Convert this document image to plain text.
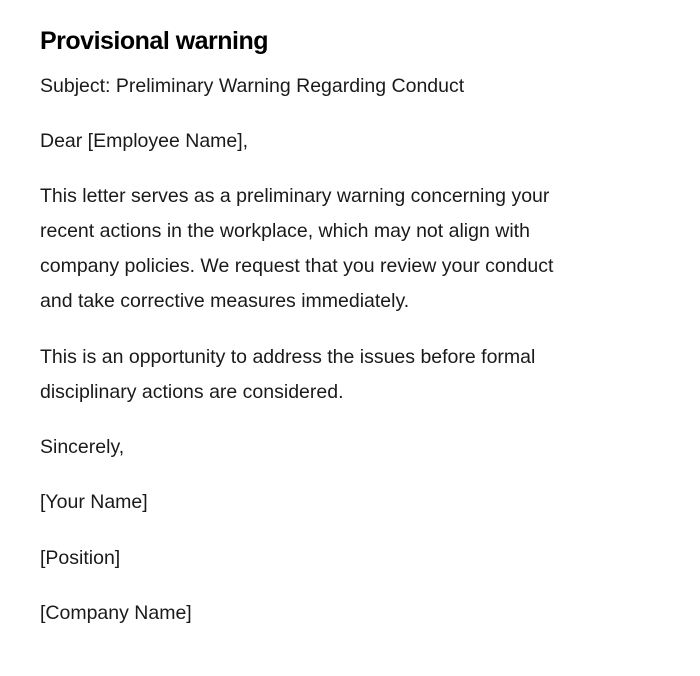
Provisional warning

Subject: Preliminary Warning Regarding Conduct

Dear [Employee Name],

This letter serves as a preliminary warning concerning your
recent actions in the workplace, which may not align with
company policies. We request that you review your conduct
and take corrective measures immediately.

This is an opportunity to address the issues before formal
disciplinary actions are considered.

Sincerely,

[Your Name]

[Position]

[Company Name]
